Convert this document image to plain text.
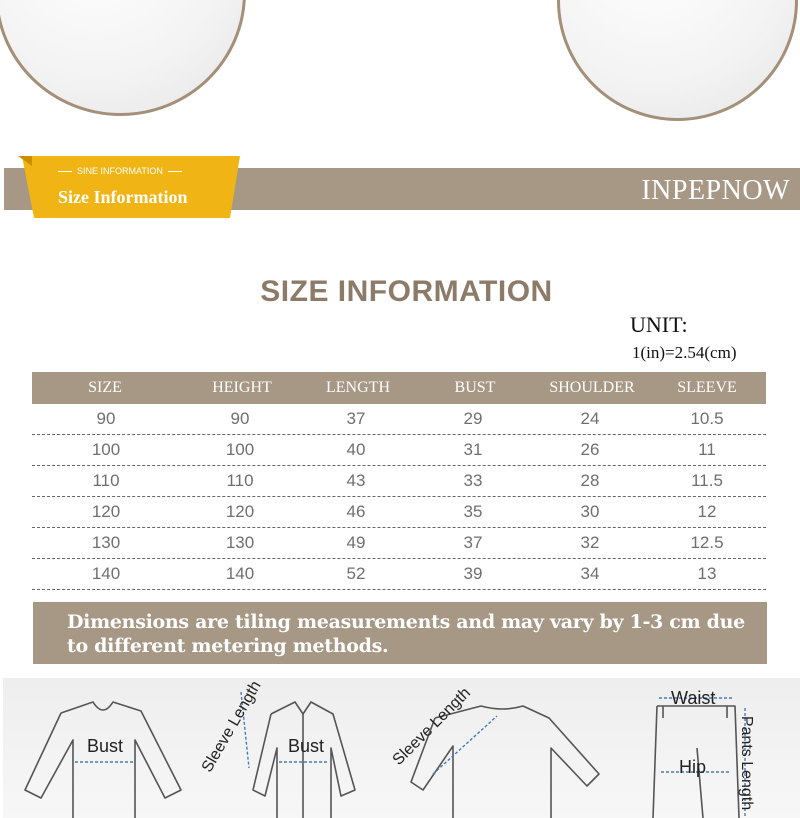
SINE INFORMATION
Size Information	INPEPNOW
SIZE INFORMATION
UNIT:
1(in)=2.54(cm)
SIZE	HEIGHT	LENGTH	BUST	SHOULDER	SLEEVE
90	90	37	29	24	10.5
100	100	40	31	26	11
110	110	43	33	28	11.5
120	120	46	35	30	12
130	130	49	37	32	12.5
140	140	52	39	34	13
Dimensions are tiling measurements and may vary by 1-3 cm due to different metering methods.
Bust	Sleeve Length Bust	Sleeve Length	Waist
Hip Pants Length
